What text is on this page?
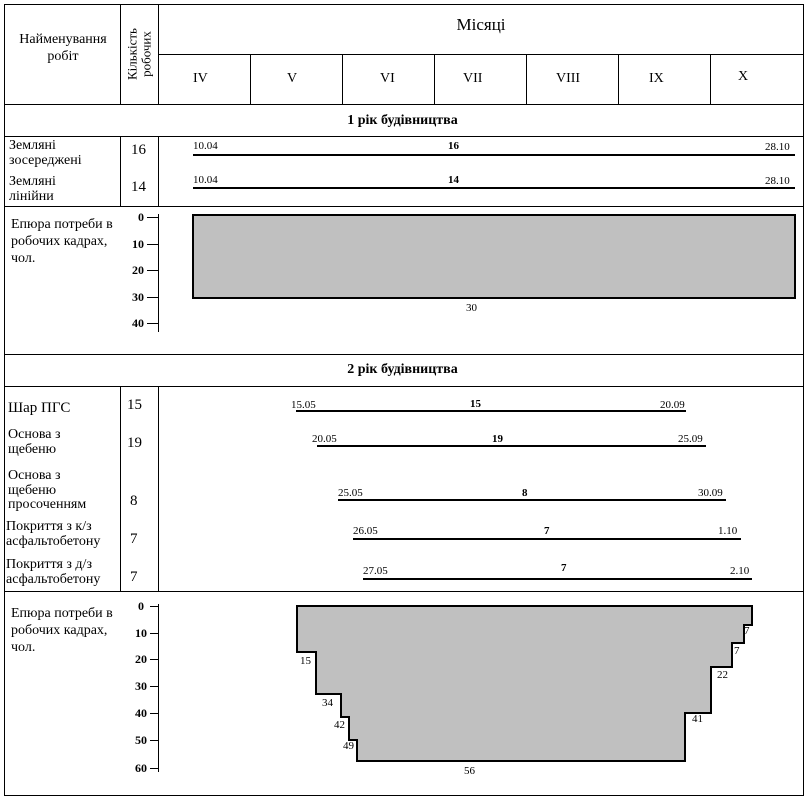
Найменування робіт	Кількість робочих
Місяці
IV	V	VI	VII	VIII	IX	X
1 рік будівництва
Земляні зосереджені
16	10.04	16	28.10
Земляні лінійни
14	10.04	14	28.10
Епюра потреби в робочих кадрах, чол.
0
10
20
30
40
30
2 рік будівництва
Шар ПГС	15	15.05	15	20.09
Основа з щебеню	19	20.05	19	25.09
Основа з щебеню просоченням	8	25.05	8	30.09
Покриття з к/з асфальтобетону	7	26.05	7	1.10
Покриття з д/з асфальтобетону	7	27.05	7	2.10
Епюра потреби в робочих кадрах, чол.
0
10
20
30
40
50
60
15
34
42
49
56
41
22
7
7
